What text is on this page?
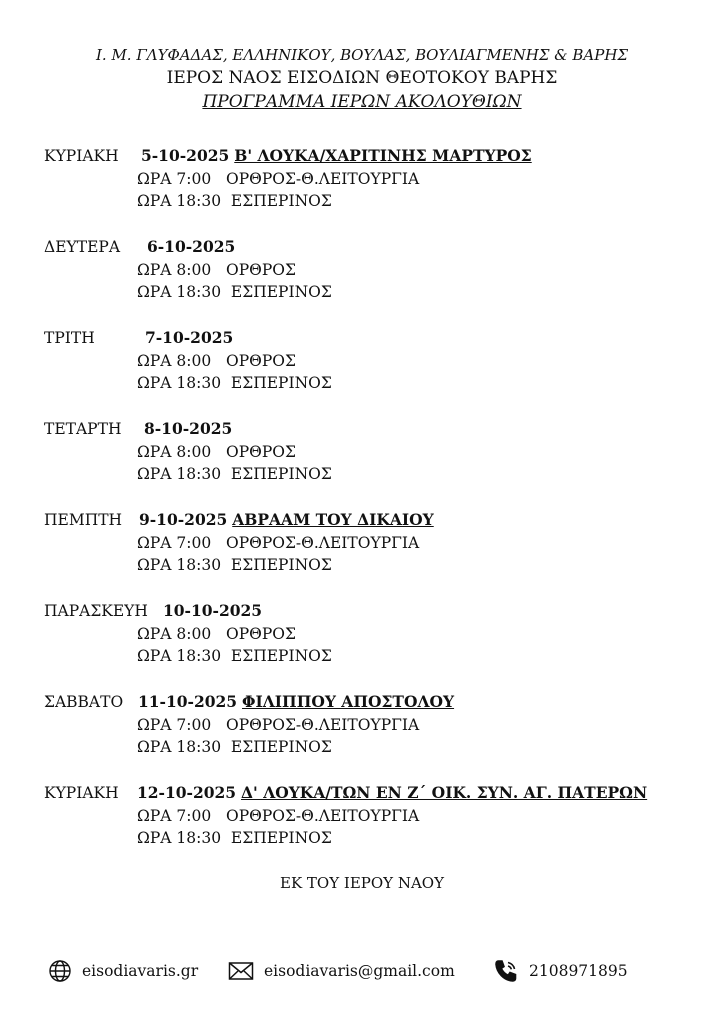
Ι. Μ. ΓΛΥΦΑΔΑΣ, ΕΛΛΗΝΙΚΟΥ, ΒΟΥΛΑΣ, ΒΟΥΛΙΑΓΜΕΝΗΣ & ΒΑΡΗΣ
ΙΕΡΟΣ ΝΑΟΣ ΕΙΣΟΔΙΩΝ ΘΕΟΤΟΚΟΥ ΒΑΡΗΣ
ΠΡΟΓΡΑΜΜΑ ΙΕΡΩΝ ΑΚΟΛΟΥΘΙΩΝ
ΚΥΡΙΑΚΗ 5-10-2025 Β' ΛΟΥΚΑ/ΧΑΡΙΤΙΝΗΣ ΜΑΡΤΥΡΟΣ
ΩΡΑ 7:00   ΟΡΘΡΟΣ-Θ.ΛΕΙΤΟΥΡΓΙΑ
ΩΡΑ 18:30  ΕΣΠΕΡΙΝΟΣ
ΔΕΥΤΕΡΑ 6-10-2025
ΩΡΑ 8:00   ΟΡΘΡΟΣ
ΩΡΑ 18:30  ΕΣΠΕΡΙΝΟΣ
ΤΡΙΤΗ	7-10-2025
ΩΡΑ 8:00   ΟΡΘΡΟΣ
ΩΡΑ 18:30  ΕΣΠΕΡΙΝΟΣ
ΤΕΤΑΡΤΗ 8-10-2025
ΩΡΑ 8:00   ΟΡΘΡΟΣ
ΩΡΑ 18:30  ΕΣΠΕΡΙΝΟΣ
ΠΕΜΠΤΗ 9-10-2025 ΑΒΡΑΑΜ ΤΟΥ ΔΙΚΑΙΟΥ
ΩΡΑ 7:00   ΟΡΘΡΟΣ-Θ.ΛΕΙΤΟΥΡΓΙΑ
ΩΡΑ 18:30  ΕΣΠΕΡΙΝΟΣ
ΠΑΡΑΣΚΕΥΗ 10-10-2025
ΩΡΑ 8:00   ΟΡΘΡΟΣ
ΩΡΑ 18:30  ΕΣΠΕΡΙΝΟΣ
ΣΑΒΒΑΤΟ 11-10-2025 ΦΙΛΙΠΠΟΥ ΑΠΟΣΤΟΛΟΥ
ΩΡΑ 7:00   ΟΡΘΡΟΣ-Θ.ΛΕΙΤΟΥΡΓΙΑ
ΩΡΑ 18:30  ΕΣΠΕΡΙΝΟΣ
ΚΥΡΙΑΚΗ 12-10-2025 Δ' ΛΟΥΚΑ/ΤΩΝ ΕΝ Ζ΄ ΟΙΚ. ΣΥΝ. ΑΓ. ΠΑΤΕΡΩΝ
ΩΡΑ 7:00   ΟΡΘΡΟΣ-Θ.ΛΕΙΤΟΥΡΓΙΑ
ΩΡΑ 18:30  ΕΣΠΕΡΙΝΟΣ
ΕΚ ΤΟΥ ΙΕΡΟΥ ΝΑΟΥ
eisodiavaris.gr	eisodiavaris@gmail.com	2108971895
